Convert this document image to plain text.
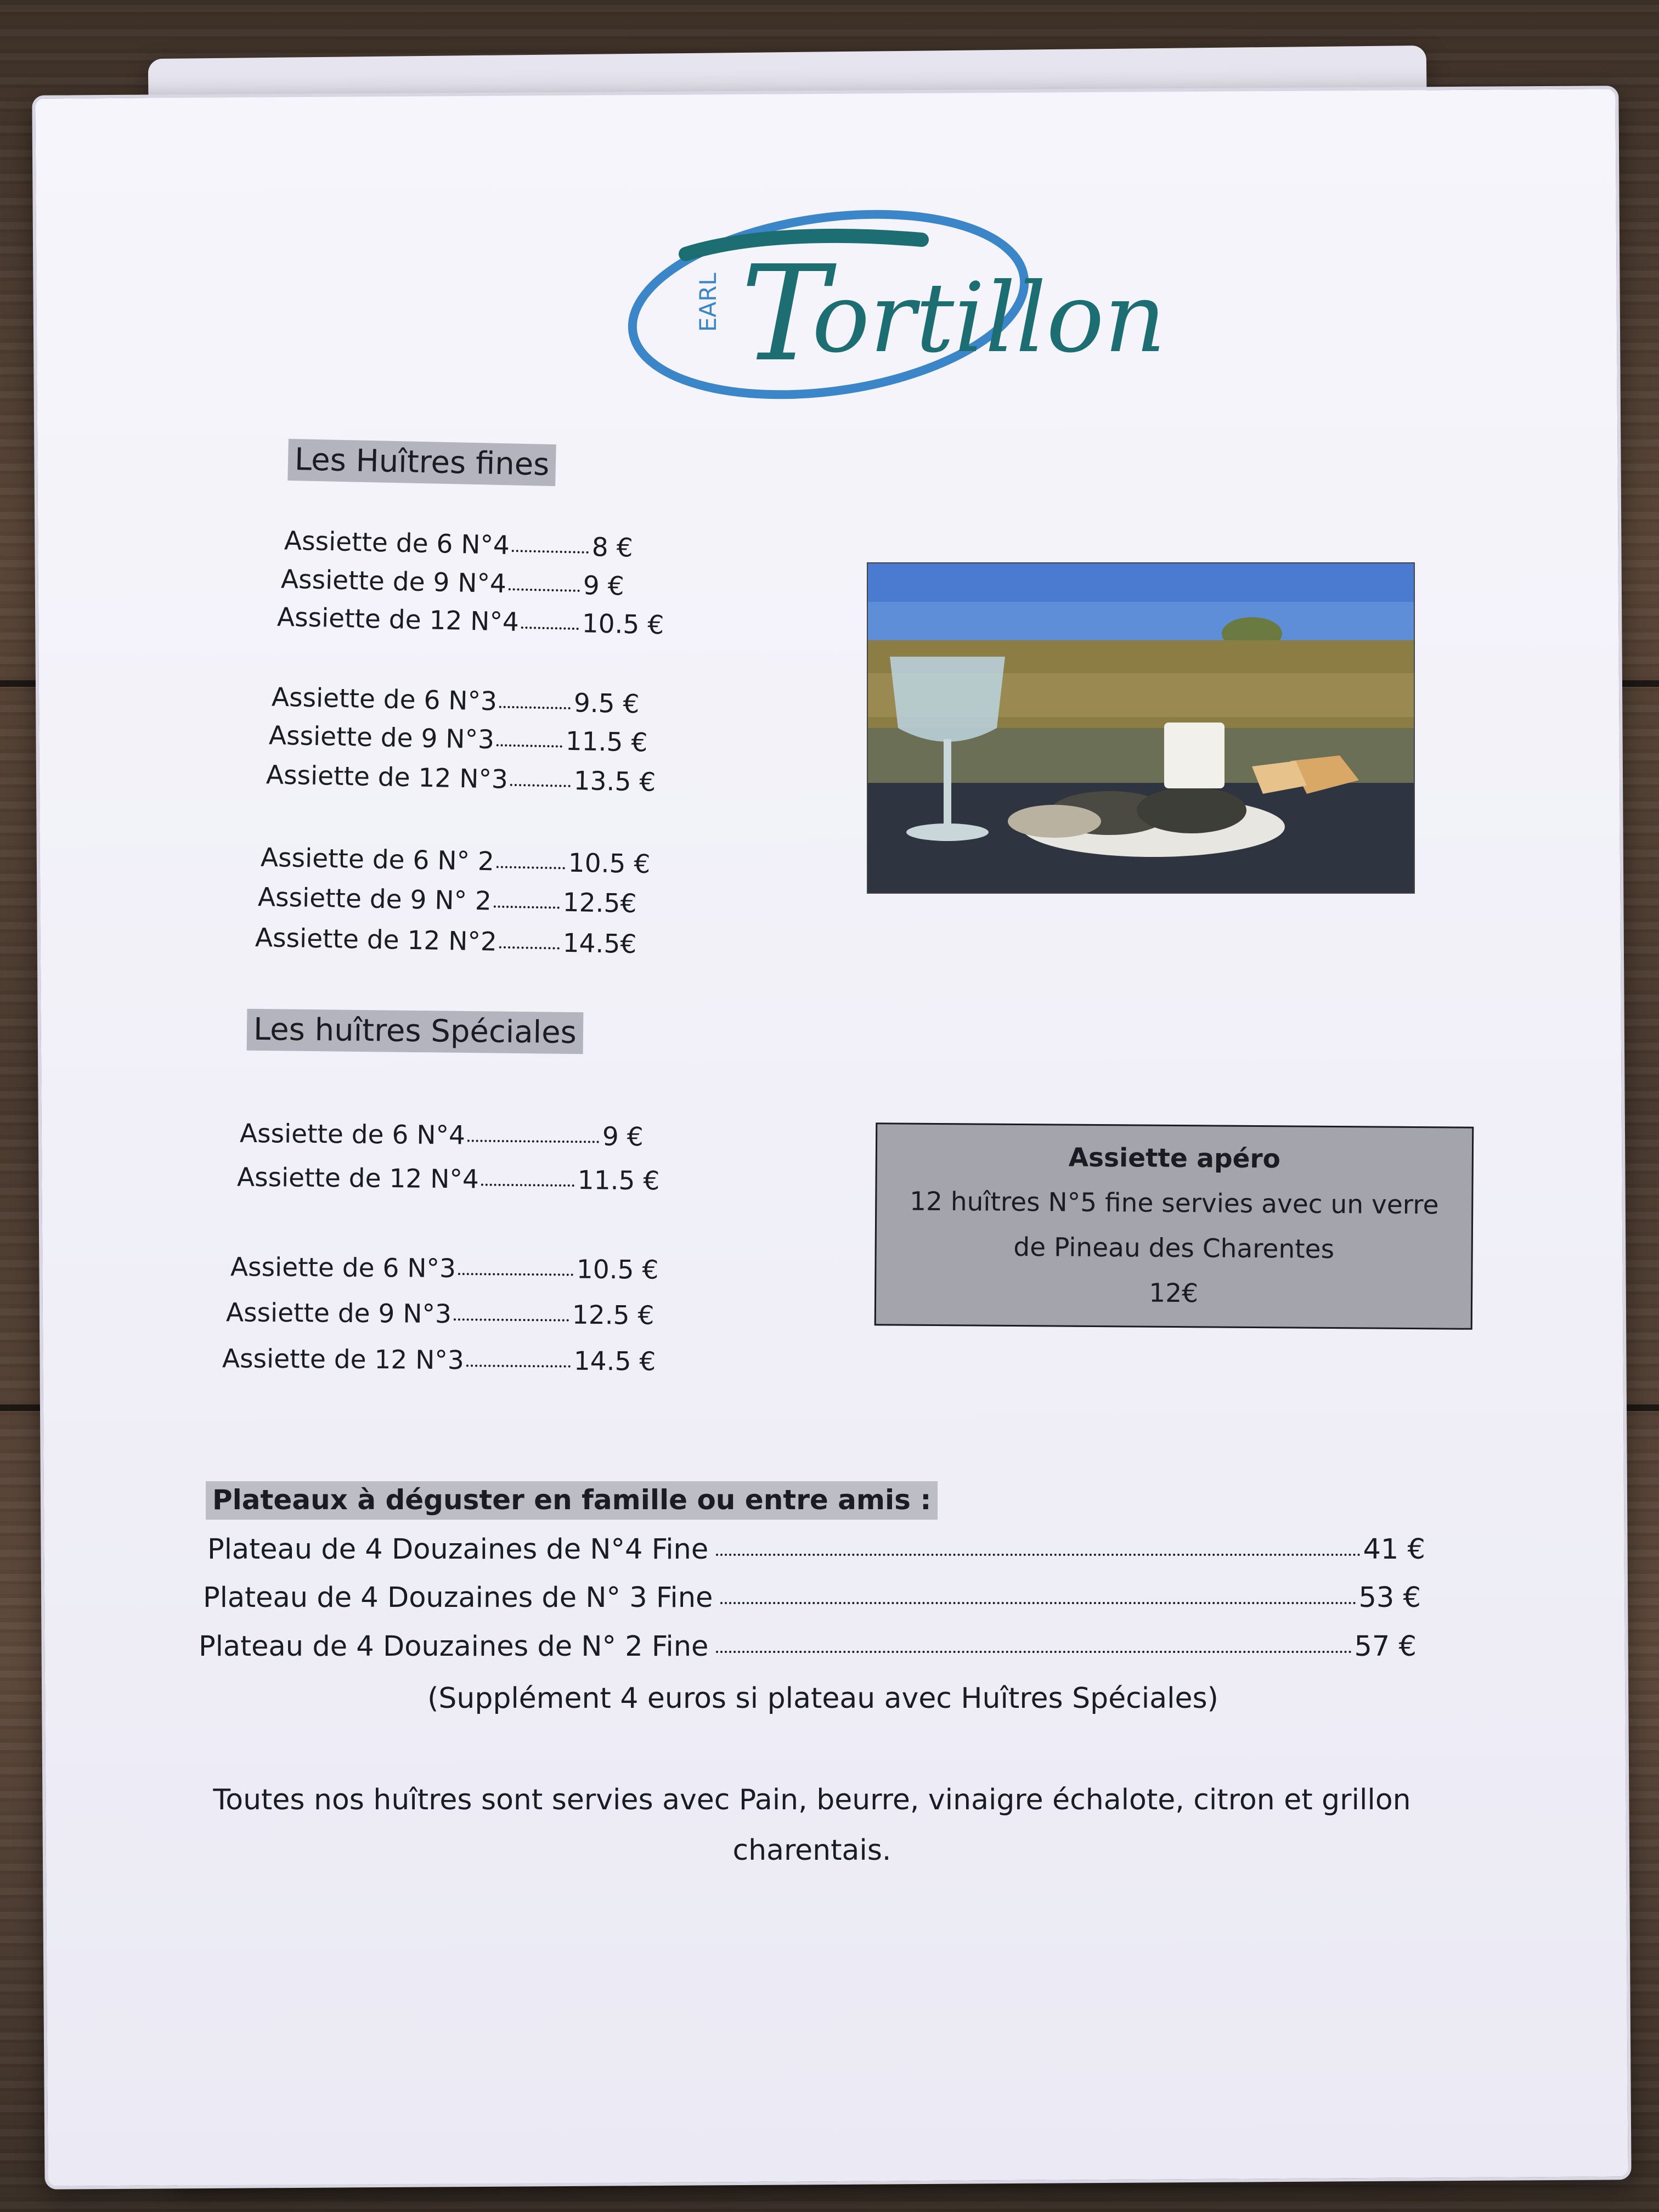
T
ortillon
EARL
Les Huîtres fines
Assiette de 6 N°4	8 €
Assiette de 9 N°4	9 €
Assiette de 12 N°4 10.5 €
Assiette de 6 N°3	9.5 €
Assiette de 9 N°3	11.5 €
Assiette de 12 N°3	13.5 €
Assiette de 6 N° 2	10.5 €
Assiette de 9 N° 2	12.5€
Assiette de 12 N°2	14.5€
Les huîtres Spéciales
Assiette de 6 N°4	9 €
Assiette de 12 N°4	11.5 €
Assiette de 6 N°3	10.5 €
Assiette de 9 N°3	12.5 €
Assiette de 12 N°3	14.5 €
Assiette apéro
12 huîtres N°5 fine servies avec un verre
de Pineau des Charentes
12€
Plateaux à déguster en famille ou entre amis :
Plateau de 4 Douzaines de N°4 Fine	41 €
Plateau de 4 Douzaines de N° 3 Fine	53 €
Plateau de 4 Douzaines de N° 2 Fine	57 €
(Supplément 4 euros si plateau avec Huîtres Spéciales)
Toutes nos huîtres sont servies avec Pain, beurre, vinaigre échalote, citron et grillon
charentais.
